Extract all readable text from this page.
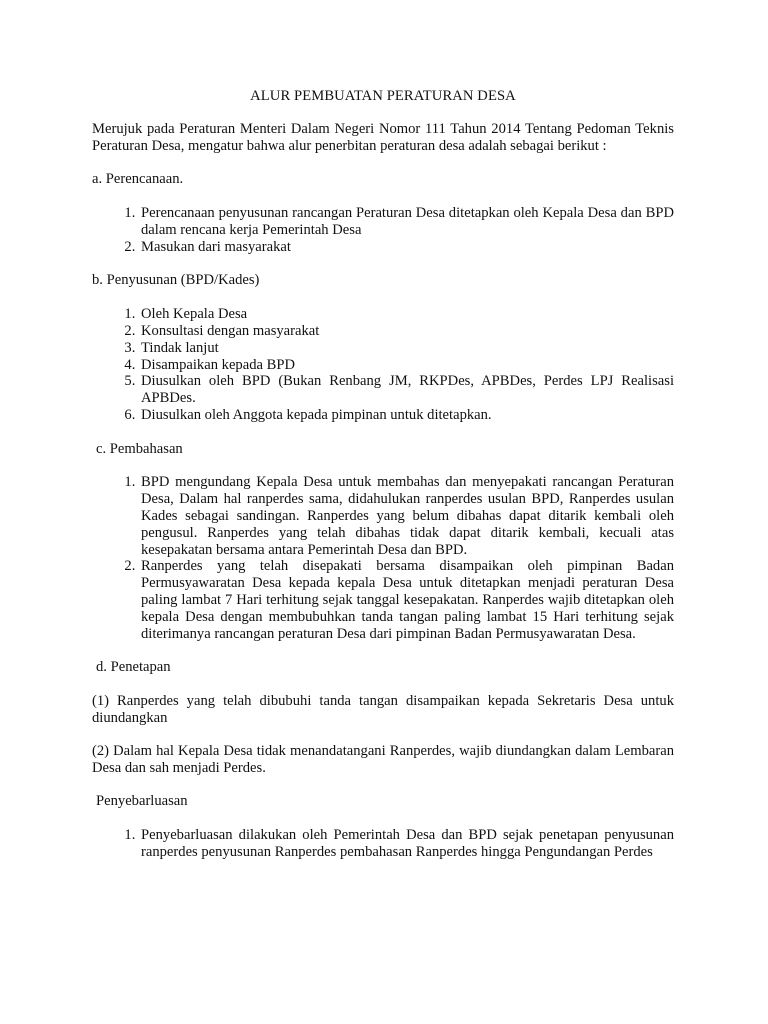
ALUR PEMBUATAN PERATURAN DESA

Merujuk pada Peraturan Menteri Dalam Negeri Nomor 111 Tahun 2014 Tentang Pedoman Teknis Peraturan Desa, mengatur bahwa alur penerbitan peraturan desa adalah sebagai berikut :

a. Perencanaan.

1. Perencanaan penyusunan rancangan Peraturan Desa ditetapkan oleh Kepala Desa dan BPD dalam rencana kerja Pemerintah Desa
2. Masukan dari masyarakat

b. Penyusunan (BPD/Kades)

1. Oleh Kepala Desa
2. Konsultasi dengan masyarakat
3. Tindak lanjut
4. Disampaikan kepada BPD
5. Diusulkan oleh BPD (Bukan Renbang JM, RKPDes, APBDes, Perdes LPJ Realisasi APBDes.
6. Diusulkan oleh Anggota kepada pimpinan untuk ditetapkan.

c. Pembahasan

1. BPD mengundang Kepala Desa untuk membahas dan menyepakati rancangan Peraturan Desa, Dalam hal ranperdes sama, didahulukan ranperdes usulan BPD, Ranperdes usulan Kades sebagai sandingan. Ranperdes yang belum dibahas dapat ditarik kembali oleh pengusul. Ranperdes yang telah dibahas tidak dapat ditarik kembali, kecuali atas kesepakatan bersama antara Pemerintah Desa dan BPD.
2. Ranperdes yang telah disepakati bersama disampaikan oleh pimpinan Badan Permusyawaratan Desa kepada kepala Desa untuk ditetapkan menjadi peraturan Desa paling lambat 7 Hari terhitung sejak tanggal kesepakatan. Ranperdes wajib ditetapkan oleh kepala Desa dengan membubuhkan tanda tangan paling lambat 15 Hari terhitung sejak diterimanya rancangan peraturan Desa dari pimpinan Badan Permusyawaratan Desa.

d. Penetapan

(1) Ranperdes yang telah dibubuhi tanda tangan disampaikan kepada Sekretaris Desa untuk diundangkan

(2) Dalam hal Kepala Desa tidak menandatangani Ranperdes, wajib diundangkan dalam Lembaran Desa dan sah menjadi Perdes.

Penyebarluasan

1. Penyebarluasan dilakukan oleh Pemerintah Desa dan BPD sejak penetapan penyusunan ranperdes penyusunan Ranperdes pembahasan Ranperdes hingga Pengundangan Perdes
